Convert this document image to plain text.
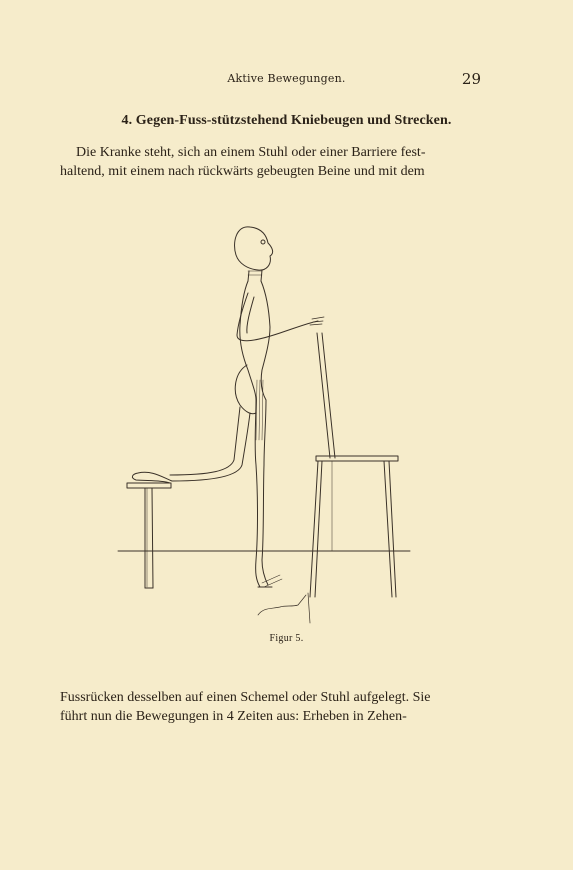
Aktive Bewegungen.	29
4. Gegen-Fuss-stützstehend Kniebeugen und Strecken.
Die Kranke steht, sich an einem Stuhl oder einer Barriere fest-
haltend, mit einem nach rückwärts gebeugten Beine und mit dem
Figur 5.
Fussrücken desselben auf einen Schemel oder Stuhl aufgelegt. Sie
führt nun die Bewegungen in 4 Zeiten aus: Erheben in Zehen-
